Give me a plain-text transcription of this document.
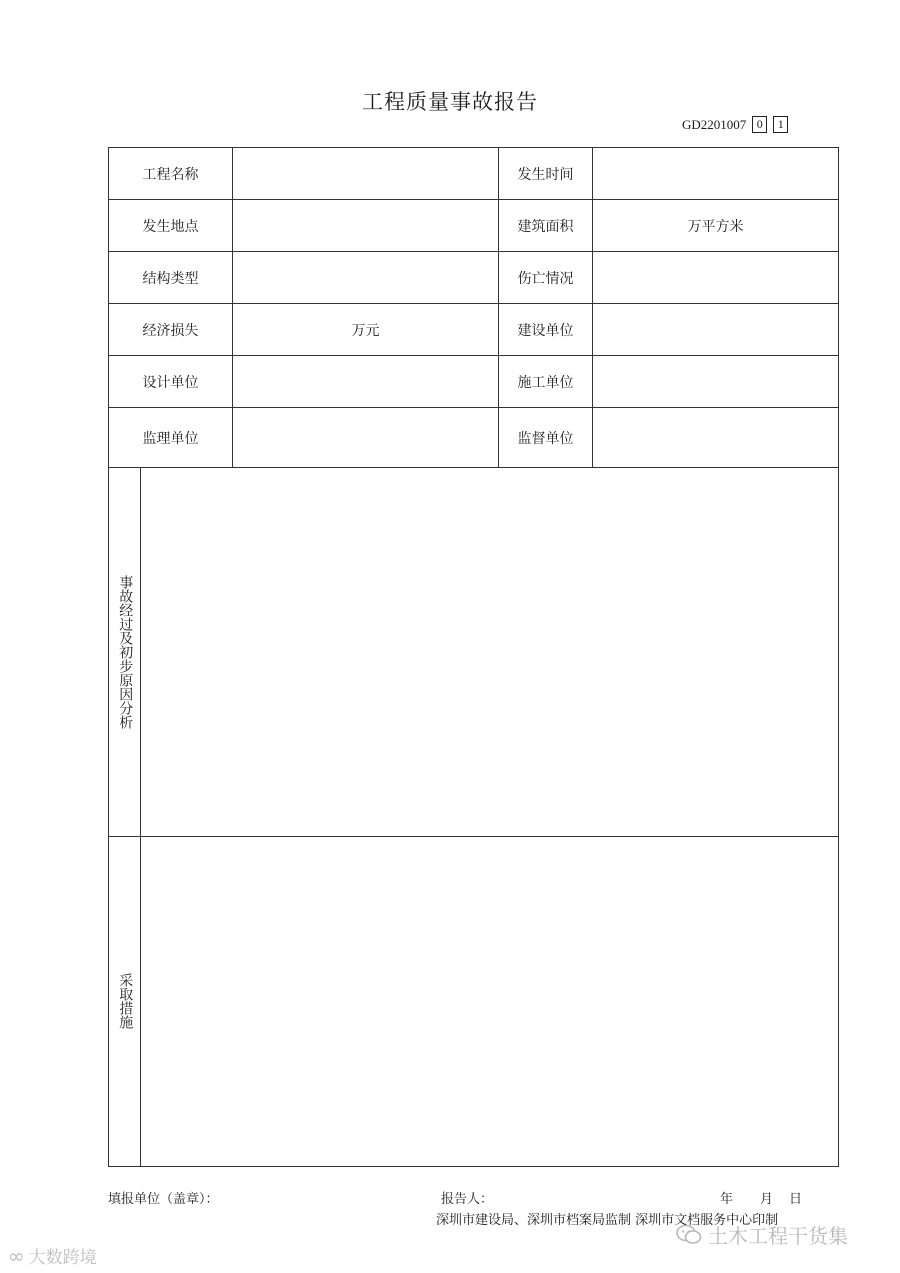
工程质量事故报告
GD2201007 0	1
工程名称			发生时间	
发生地点			建筑面积	万平方米
结构类型			伤亡情况	
经济损失		万元	建设单位	
设计单位			施工单位	
监理单位			监督单位	
事故经过及初步原因分析				
采取措施				
填报单位（盖章）：	报告人：	年 月 日
深圳市建设局、深圳市档案局监制 深圳市文档服务中心印制
∞ 大数跨境
土木工程干货集
